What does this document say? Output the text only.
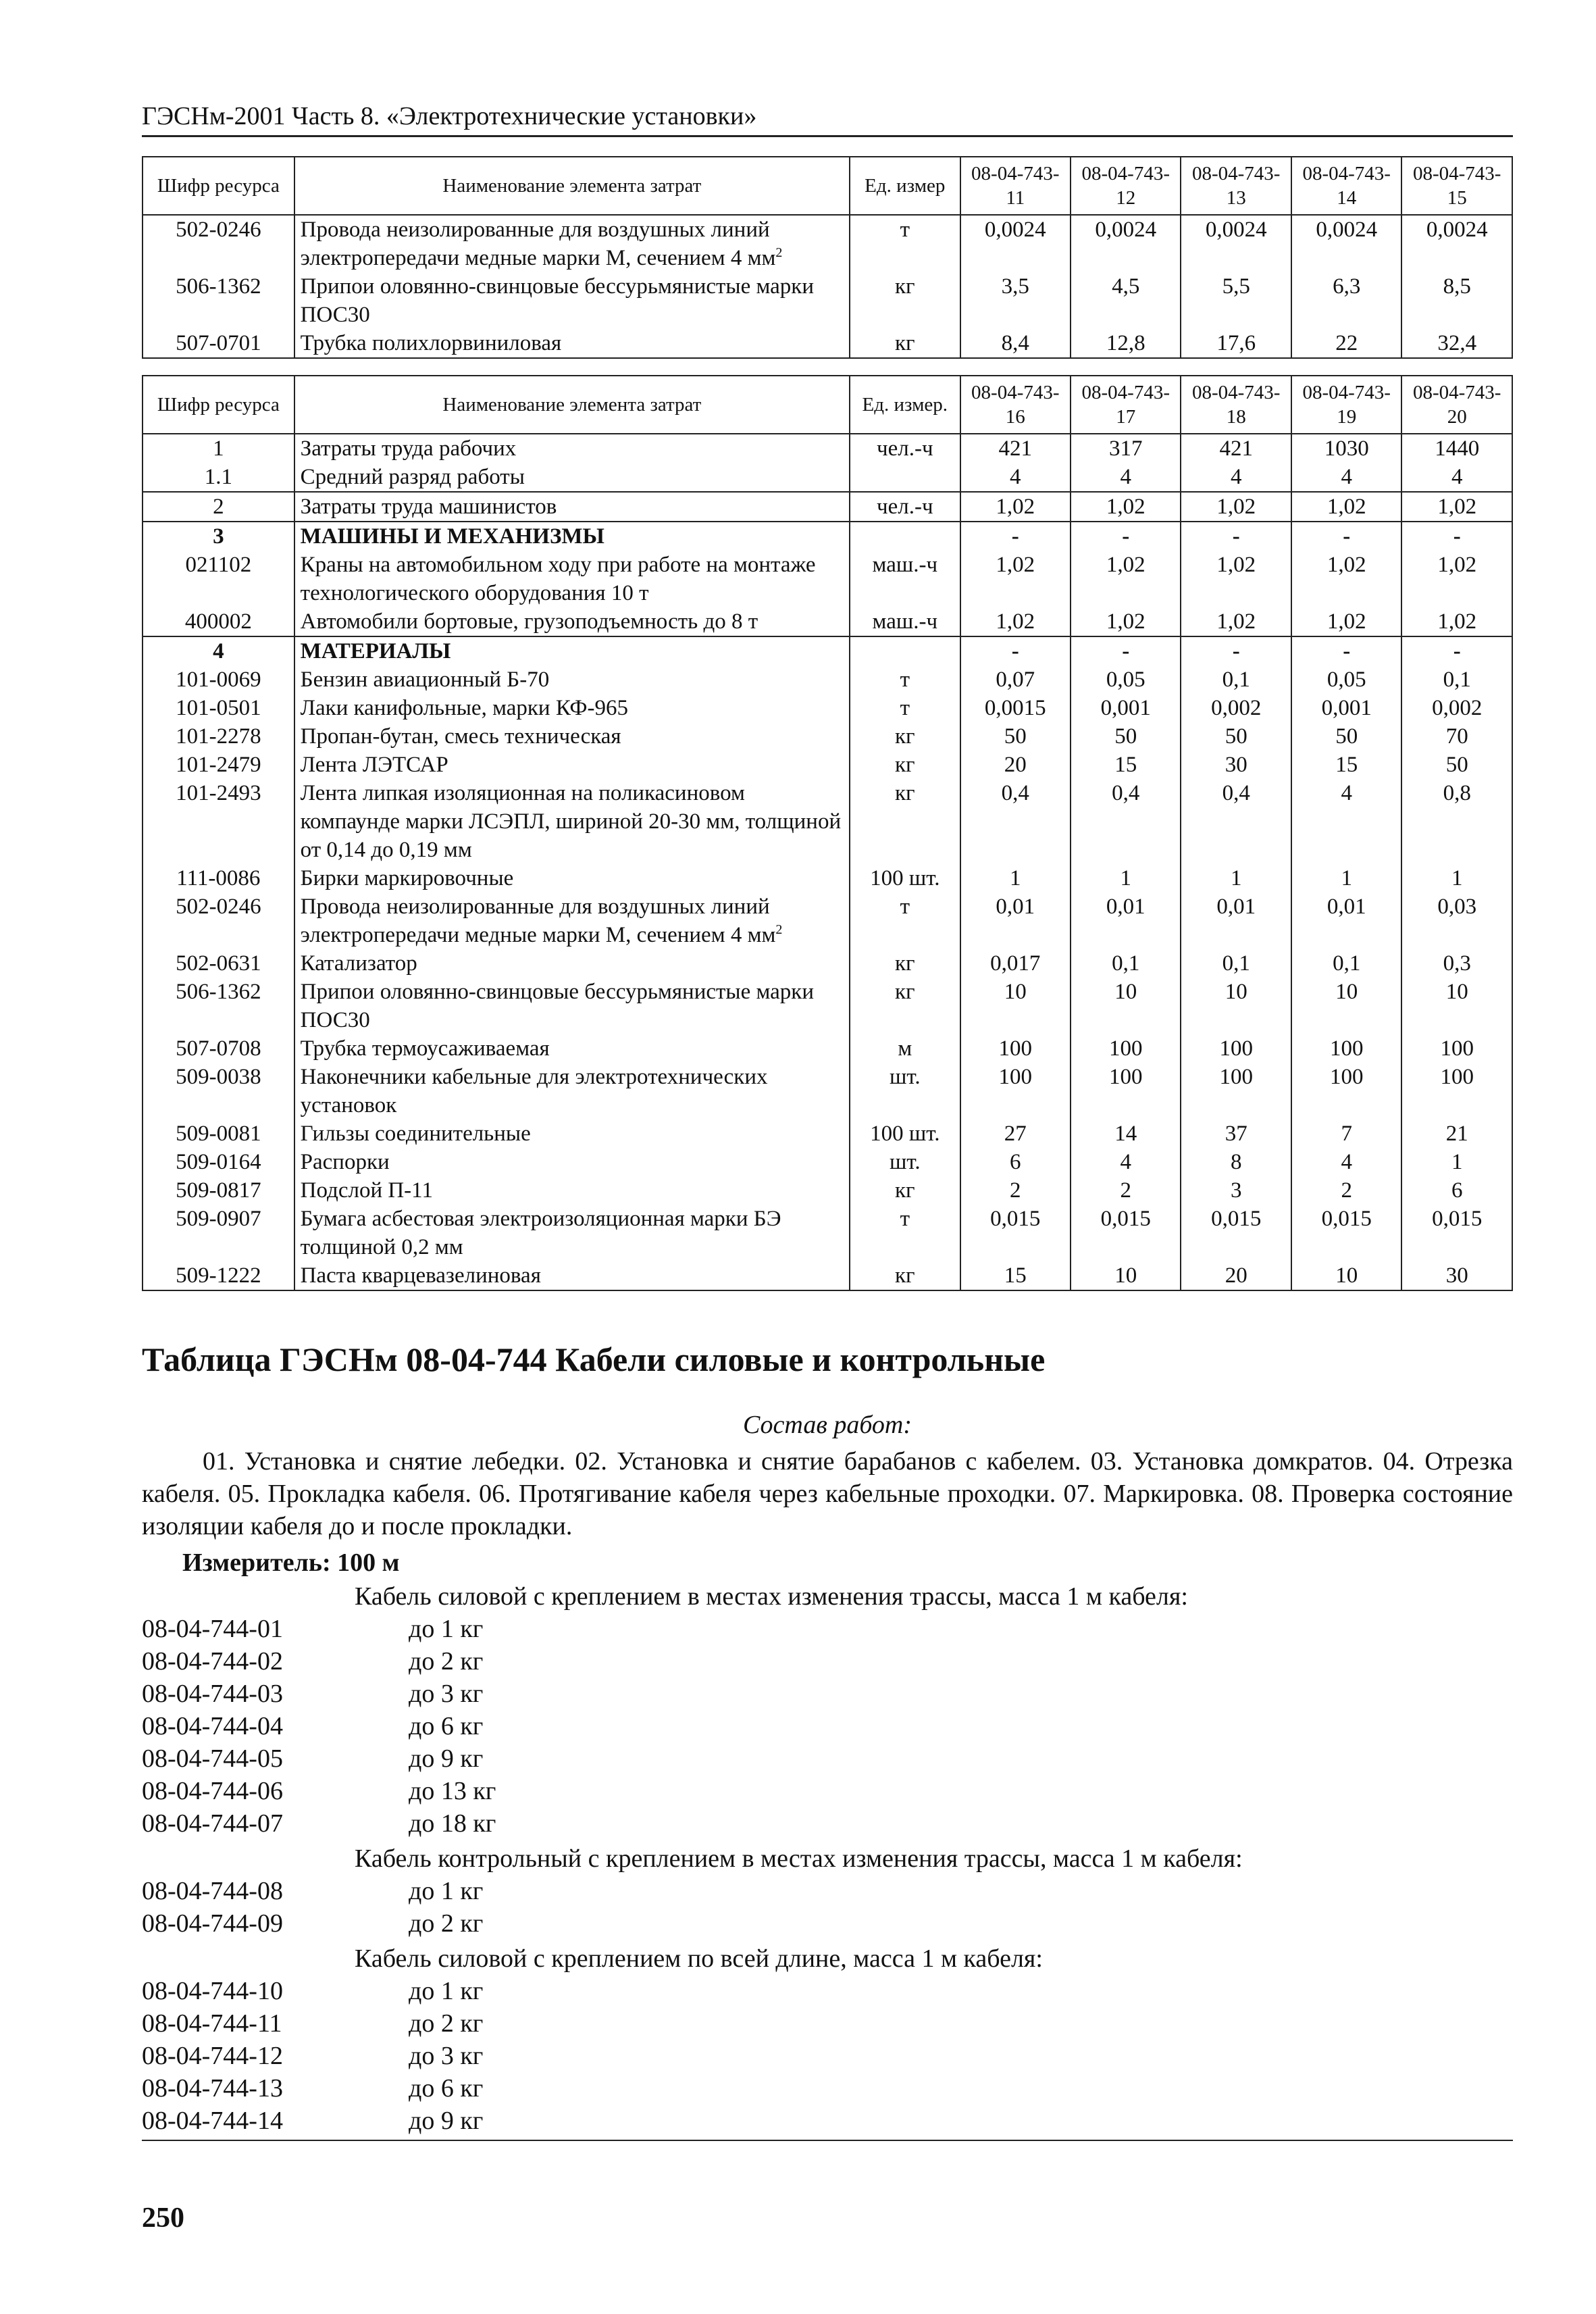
ГЭСНм-2001 Часть 8. «Электротехнические установки»
Шифр ресурса	Наименование элемента затрат	Ед. измер	08-04-743-11	08-04-743-12	08-04-743-13	08-04-743-14	08-04-743-15
502-0246	Провода неизолированные для воздушных линий электропередачи медные марки М, сечением 4 $мм^2$	т	0,0024	0,0024	0,0024	0,0024	0,0024
506-1362	Припои оловянно-свинцовые бессурьмянистые марки ПОС30	кг	3,5	4,5	5,5	6,3	8,5
507-0701	Трубка полихлорвиниловая	кг	8,4	12,8	17,6	22	32,4
Шифр ресурса	Наименование элемента затрат	Ед. измер.	08-04-743-16	08-04-743-17	08-04-743-18	08-04-743-19	08-04-743-20
1	Затраты труда рабочих	чел.-ч	421	317	421	1030	1440
1.1	Средний разряд работы		4	4	4	4	4
2	Затраты труда машинистов	чел.-ч	1,02	1,02	1,02	1,02	1,02
3	МАШИНЫ И МЕХАНИЗМЫ		-	-	-	-	-
021102	Краны на автомобильном ходу при работе на монтаже технологического оборудования 10 т	маш.-ч	1,02	1,02	1,02	1,02	1,02
400002	Автомобили бортовые, грузоподъемность до 8 т	маш.-ч	1,02	1,02	1,02	1,02	1,02
4	МАТЕРИАЛЫ		-	-	-	-	-
101-0069	Бензин авиационный Б-70	т	0,07	0,05	0,1	0,05	0,1
101-0501	Лаки канифольные, марки КФ-965	т	0,0015	0,001	0,002	0,001	0,002
101-2278	Пропан-бутан, смесь техническая	кг	50	50	50	50	70
101-2479	Лента ЛЭТСАР	кг	20	15	30	15	50
101-2493	Лента липкая изоляционная на поликасиновом компаунде марки ЛСЭПЛ, шириной 20-30 мм, толщиной от 0,14 до 0,19 мм	кг	0,4	0,4	0,4	4	0,8
111-0086	Бирки маркировочные	100 шт.	1	1	1	1	1
502-0246	Провода неизолированные для воздушных линий электропередачи медные марки М, сечением 4 $мм^2$	т	0,01	0,01	0,01	0,01	0,03
502-0631	Катализатор	кг	0,017	0,1	0,1	0,1	0,3
506-1362	Припои оловянно-свинцовые бессурьмянистые марки ПОС30	кг	10	10	10	10	10
507-0708	Трубка термоусаживаемая	м	100	100	100	100	100
509-0038	Наконечники кабельные для электротехнических установок	шт.	100	100	100	100	100
509-0081	Гильзы соединительные	100 шт.	27	14	37	7	21
509-0164	Распорки	шт.	6	4	8	4	1
509-0817	Подслой П-11	кг	2	2	3	2	6
509-0907	Бумага асбестовая электроизоляционная марки БЭ толщиной 0,2 мм	т	0,015	0,015	0,015	0,015	0,015
509-1222	Паста кварцевазелиновая	кг	15	10	20	10	30
Таблица ГЭСНм 08-04-744 Кабели силовые и контрольные
Состав работ:

01. Установка и снятие лебедки. 02. Установка и снятие барабанов с кабелем. 03. Установка домкратов. 04. Отрезка кабеля. 05. Прокладка кабеля. 06. Протягивание кабеля через кабельные проходки. 07. Маркировка. 08. Проверка состояние изоляции кабеля до и после прокладки.

Измеритель: 100 м
Кабель силовой с креплением в местах изменения трассы, масса 1 м кабеля:
08-04-744-01	до 1 кг
08-04-744-02	до 2 кг
08-04-744-03	до 3 кг
08-04-744-04	до 6 кг
08-04-744-05	до 9 кг
08-04-744-06	до 13 кг
08-04-744-07	до 18 кг
Кабель контрольный с креплением в местах изменения трассы, масса 1 м кабеля:
08-04-744-08	до 1 кг
08-04-744-09	до 2 кг
Кабель силовой с креплением по всей длине, масса 1 м кабеля:
08-04-744-10	до 1 кг
08-04-744-11	до 2 кг
08-04-744-12	до 3 кг
08-04-744-13	до 6 кг
08-04-744-14	до 9 кг
250
